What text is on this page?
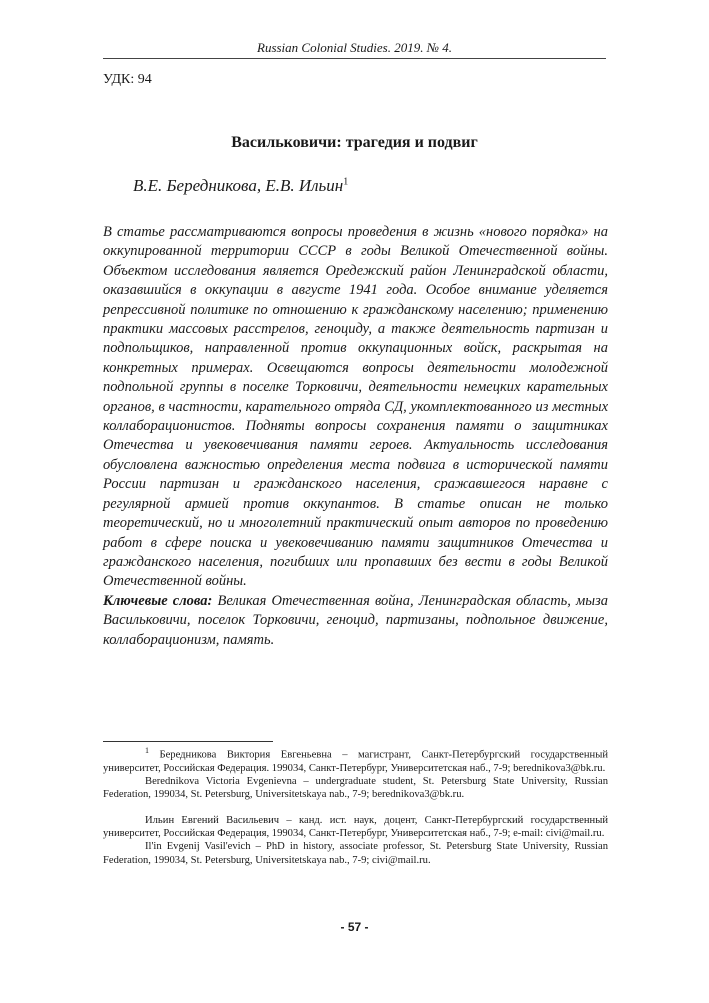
Russian Colonial Studies. 2019. № 4.
УДК: 94
Васильковичи: трагедия и подвиг
В.Е. Бередникова, Е.В. Ильин$^1$

В статье рассматриваются вопросы проведения в жизнь «нового порядка» на оккупированной территории СССР в годы Великой Отечественной войны. Объектом исследования является Оредежский район Ленинградской области, оказавшийся в оккупации в августе 1941 года. Особое внимание уделяется репрессивной политике по отношению к гражданскому населению; применению практики массовых расстрелов, геноциду, а также деятельность партизан и подпольщиков, направленной против оккупационных войск, раскрытая на конкретных примерах. Освещаются вопросы деятельности молодежной подпольной группы в поселке Торковичи, деятельности немецких карательных органов, в частности, карательного отряда СД, укомплектованного из местных коллаборационистов. Подняты вопросы сохранения памяти о защитниках Отечества и увековечивания памяти героев. Актуальность исследования обусловлена важностью определения места подвига в исторической памяти России партизан и гражданского населения, сражавшегося наравне с регулярной армией против оккупантов. В статье описан не только теоретический, но и многолетний практический опыт авторов по проведению работ в сфере поиска и увековечиванию памяти защитников Отечества и гражданского населения, погибших или пропавших без вести в годы Великой Отечественной войны.

Ключевые слова: Великая Отечественная война, Ленинградская область, мыза Васильковичи, поселок Торковичи, геноцид, партизаны, подпольное движение, коллаборационизм, память.

$^1$ Бередникова Виктория Евгеньевна – магистрант, Санкт-Петербургский государственный университет, Российская Федерация. 199034, Санкт-Петербург, Университетская наб., 7-9; berednikova3@bk.ru.

Berednikova Victoria Evgenievna – undergraduate student, St. Petersburg State University, Russian Federation, 199034, St. Petersburg, Universitetskaya nab., 7-9; berednikova3@bk.ru.

Ильин Евгений Васильевич – канд. ист. наук, доцент, Санкт-Петербургский государственный университет, Российская Федерация, 199034, Санкт-Петербург, Университетская наб., 7-9; e-mail: civi@mail.ru.

Il'in Evgenij Vasil'evich – PhD in history, associate professor, St. Petersburg State University, Russian Federation, 199034, St. Petersburg, Universitetskaya nab., 7-9; civi@mail.ru.

- 57 -
